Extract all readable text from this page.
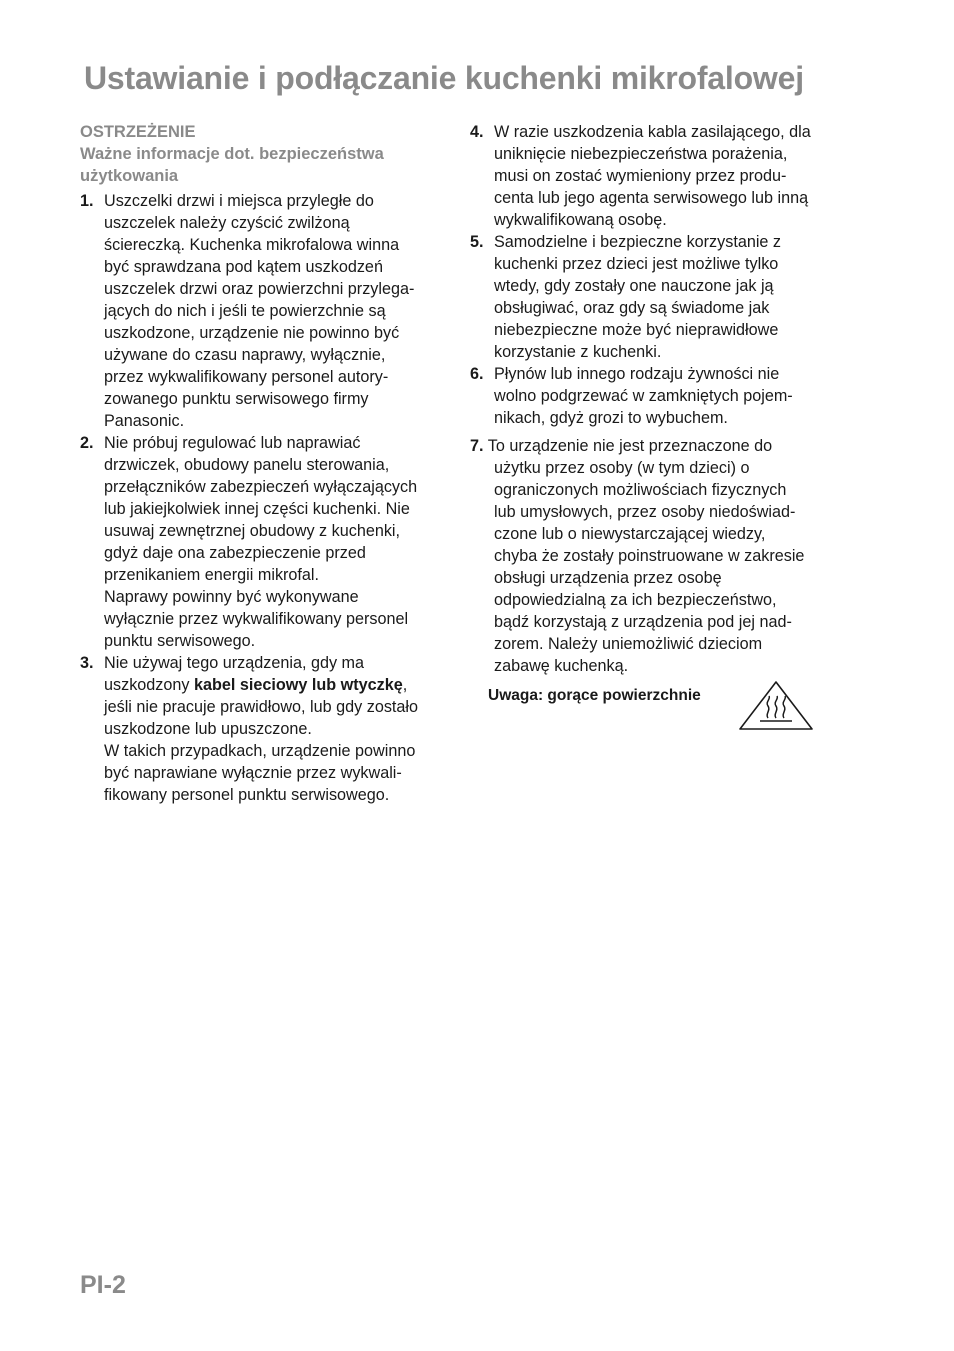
Ustawianie i podłączanie kuchenki mikrofalowej
OSTRZEŻENIE
Ważne informacje dot. bezpieczeństwa użytkowania
1. Uszczelki drzwi i miejsca przyległe do
uszczelek należy czyścić zwilżoną
ściereczką. Kuchenka mikrofalowa winna
być sprawdzana pod kątem uszkodzeń
uszczelek drzwi oraz powierzchni przylega-
jących do nich i jeśli te powierzchnie są
uszkodzone, urządzenie nie powinno być
używane do czasu naprawy, wyłącznie,
przez wykwalifikowany personel autory-
zowanego punktu serwisowego firmy
Panasonic.
2. Nie próbuj regulować lub naprawiać
drzwiczek, obudowy panelu sterowania,
przełączników zabezpieczeń wyłączających
lub jakiejkolwiek innej części kuchenki. Nie
usuwaj zewnętrznej obudowy z kuchenki,
gdyż daje ona zabezpieczenie przed
przenikaniem energii mikrofal.
Naprawy powinny być wykonywane
wyłącznie przez wykwalifikowany personel
punktu serwisowego.
3. Nie używaj tego urządzenia, gdy ma
uszkodzony kabel sieciowy lub wtyczkę,
jeśli nie pracuje prawidłowo, lub gdy zostało
uszkodzone lub upuszczone.
W takich przypadkach, urządzenie powinno
być naprawiane wyłącznie przez wykwali-
fikowany personel punktu serwisowego.
4. W razie uszkodzenia kabla zasilającego, dla
uniknięcie niebezpieczeństwa porażenia,
musi on zostać wymieniony przez produ-
centa lub jego agenta serwisowego lub inną
wykwalifikowaną osobę.
5. Samodzielne i bezpieczne korzystanie z
kuchenki przez dzieci jest możliwe tylko
wtedy, gdy zostały one nauczone jak ją
obsługiwać, oraz gdy są świadome jak
niebezpieczne może być nieprawidłowe
korzystanie z kuchenki.
6. Płynów lub innego rodzaju żywności nie
wolno podgrzewać w zamkniętych pojem-
nikach, gdyż grozi to wybuchem.
7. To urządzenie nie jest przeznaczone do
użytku przez osoby (w tym dzieci) o
ograniczonych możliwościach fizycznych
lub umysłowych, przez osoby niedoświad-
czone lub o niewystarczającej wiedzy,
chyba że zostały poinstruowane w zakresie
obsługi urządzenia przez osobę
odpowiedzialną za ich bezpieczeństwo,
bądź korzystają z urządzenia pod jej nad-
zorem. Należy uniemożliwić dzieciom
zabawę kuchenką.
Uwaga: gorące powierzchnie
PI-2
